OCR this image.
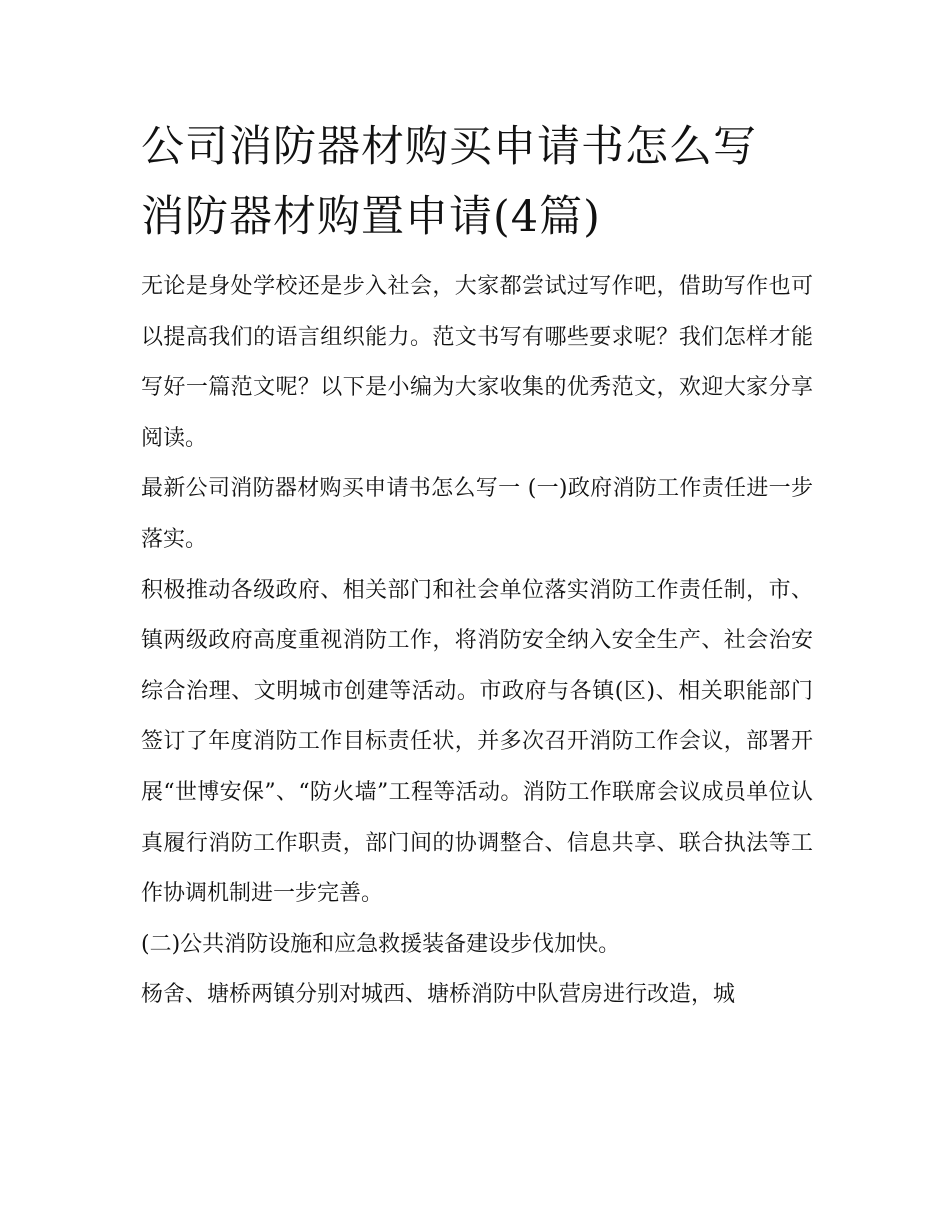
公司消防器材购买申请书怎么写 消防器材购置申请(4篇)

无论是身处学校还是步入社会，大家都尝试过写作吧，借助写作也可以提高我们的语言组织能力。范文书写有哪些要求呢？我们怎样才能写好一篇范文呢？以下是小编为大家收集的优秀范文，欢迎大家分享阅读。

最新公司消防器材购买申请书怎么写一 (一)政府消防工作责任进一步落实。

积极推动各级政府、相关部门和社会单位落实消防工作责任制，市、镇两级政府高度重视消防工作，将消防安全纳入安全生产、社会治安综合治理、文明城市创建等活动。市政府与各镇(区)、相关职能部门签订了年度消防工作目标责任状，并多次召开消防工作会议，部署开展“世博安保”、“防火墙”工程等活动。消防工作联席会议成员单位认真履行消防工作职责，部门间的协调整合、信息共享、联合执法等工作协调机制进一步完善。

(二)公共消防设施和应急救援装备建设步伐加快。

杨舍、塘桥两镇分别对城西、塘桥消防中队营房进行改造，城
